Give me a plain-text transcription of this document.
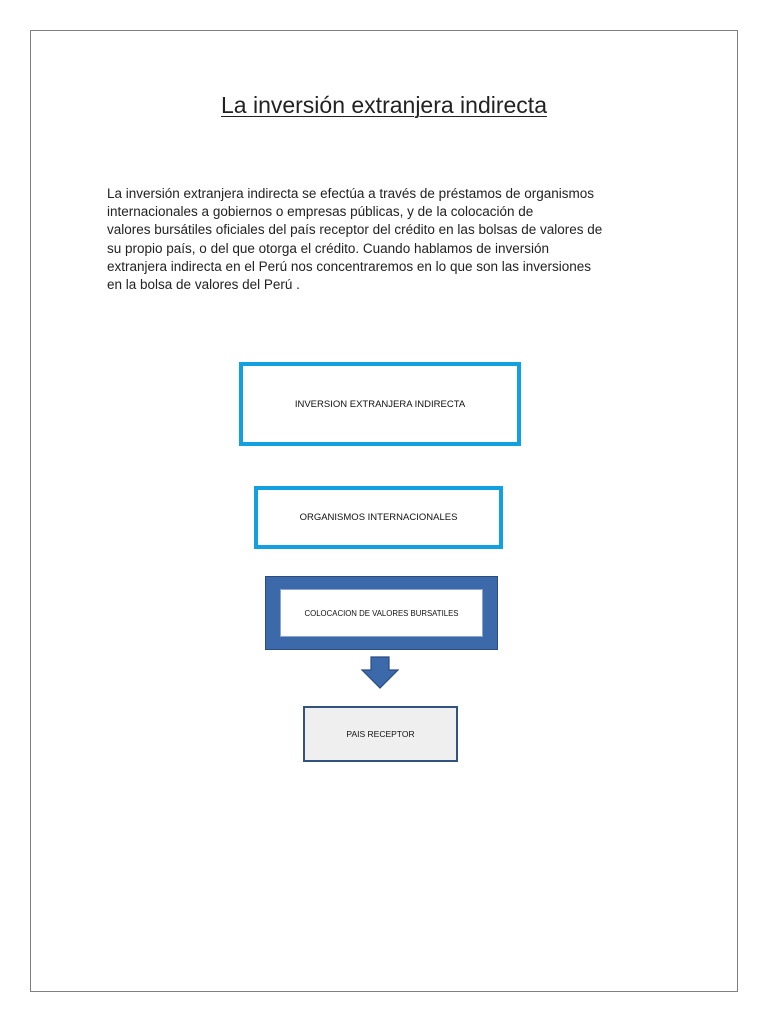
La inversión extranjera indirecta
La inversión extranjera indirecta se efectúa a través de préstamos de organismos
internacionales a gobiernos o empresas públicas, y de la colocación de
valores bursátiles oficiales del país receptor del crédito en las bolsas de valores de
su propio país, o del que otorga el crédito. Cuando hablamos de inversión
extranjera indirecta en el Perú nos concentraremos en lo que son las inversiones
en la bolsa de valores del Perú .
INVERSION EXTRANJERA INDIRECTA
ORGANISMOS INTERNACIONALES
COLOCACION DE VALORES BURSATILES
PAIS RECEPTOR
